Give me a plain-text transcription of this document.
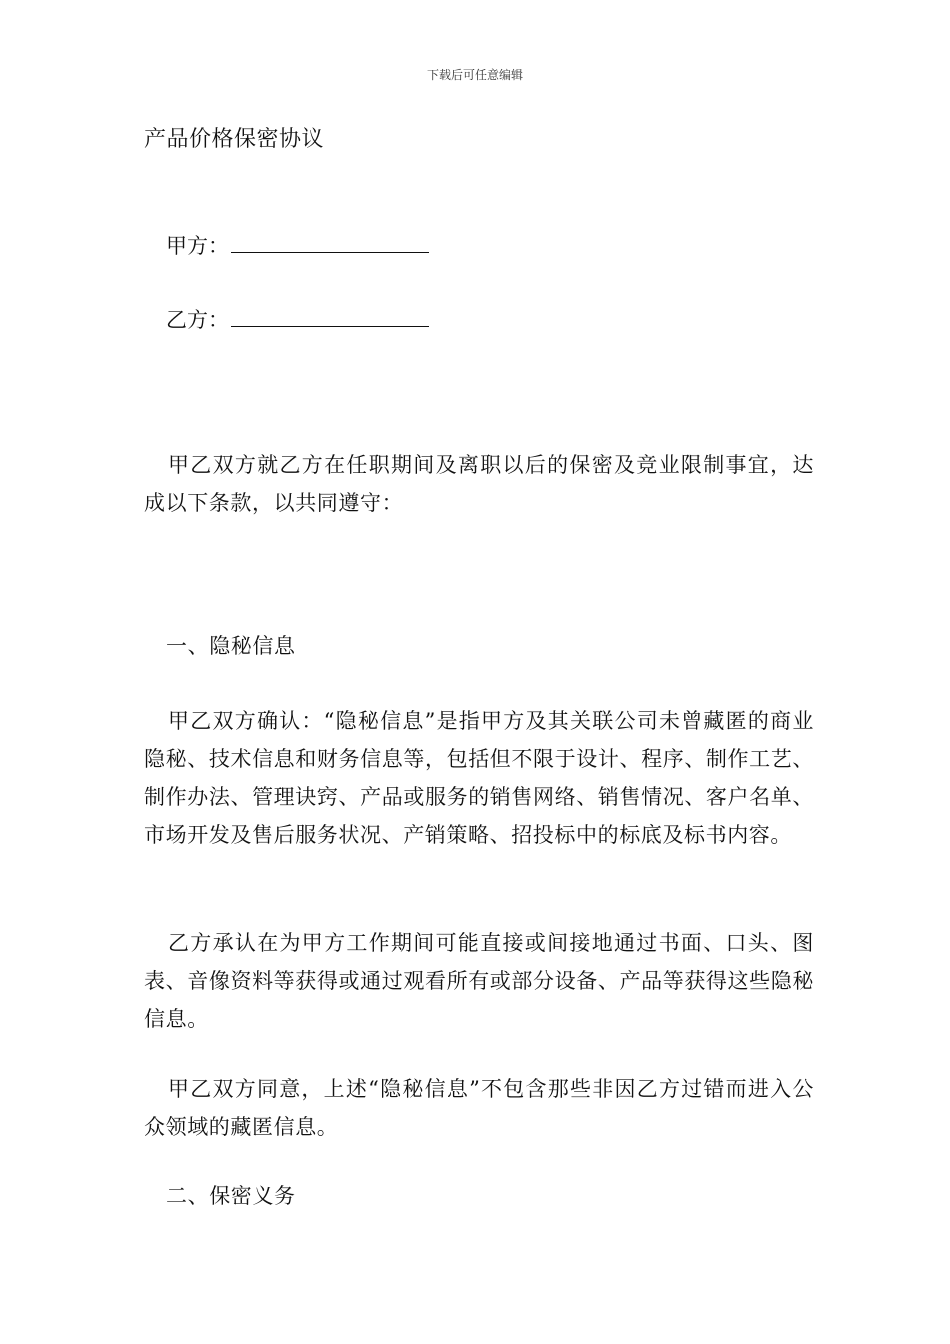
下载后可任意编辑
产品价格保密协议
甲方：
乙方：
甲乙双方就乙方在任职期间及离职以后的保密及竞业限制事宜，达成以下条款，以共同遵守：
一、隐秘信息
甲乙双方确认：“隐秘信息”是指甲方及其关联公司未曾藏匿的商业隐秘、技术信息和财务信息等，包括但不限于设计、程序、制作工艺、制作办法、管理诀窍、产品或服务的销售网络、销售情况、客户名单、市场开发及售后服务状况、产销策略、招投标中的标底及标书内容。
乙方承认在为甲方工作期间可能直接或间接地通过书面、口头、图表、音像资料等获得或通过观看所有或部分设备、产品等获得这些隐秘信息。
甲乙双方同意，上述“隐秘信息”不包含那些非因乙方过错而进入公众领域的藏匿信息。
二、保密义务
